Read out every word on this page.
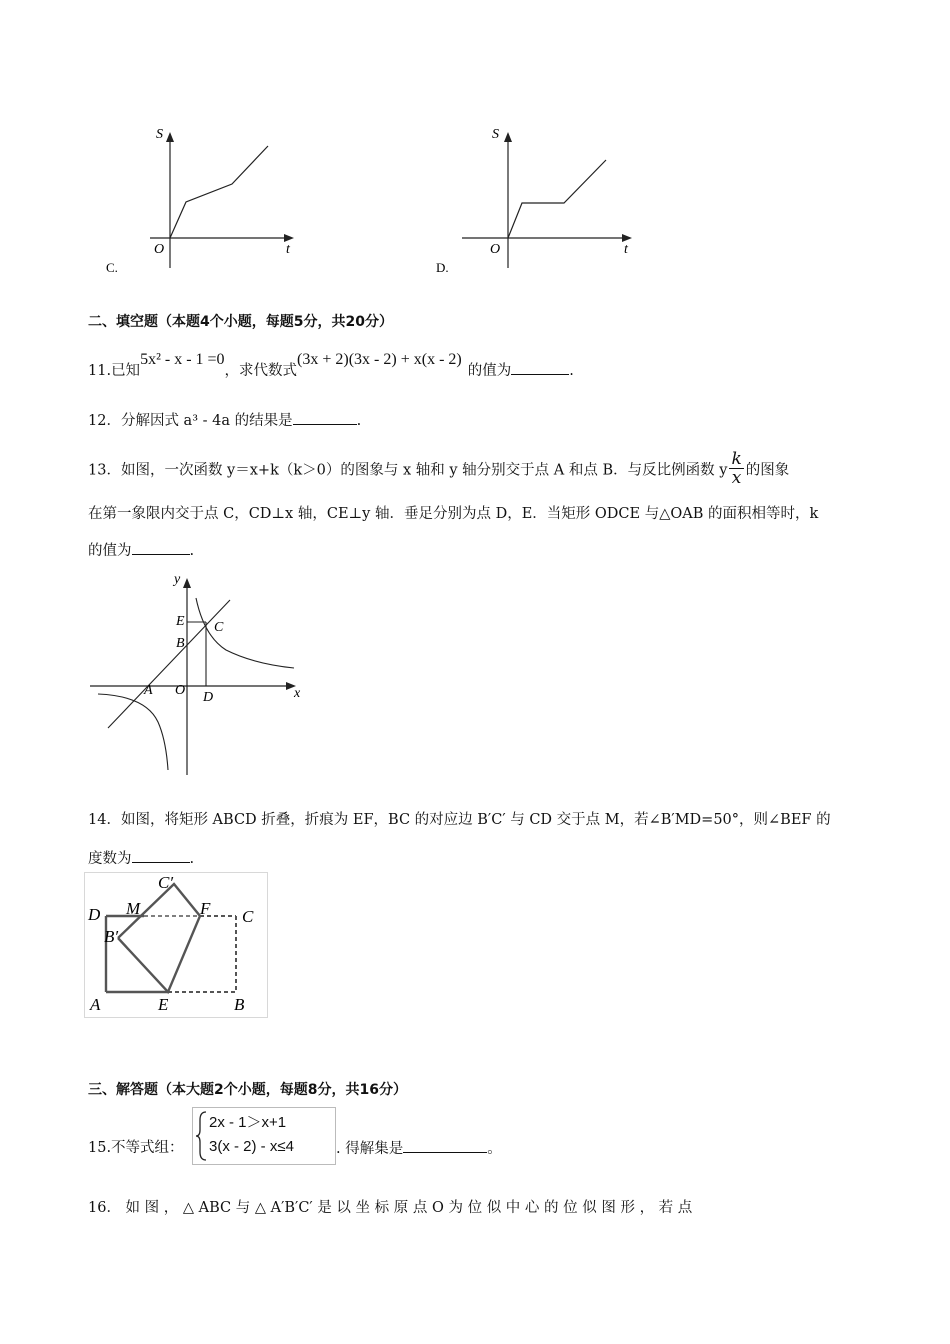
S
t
O
C.
S
t
O
D.
二、填空题（本题4个小题，每题5分，共20分）
11.已知5x² - x - 1 =0，求代数式(3x + 2)(3x - 2) + x(x - 2)的值为	.
12．分解因式 a³ - 4a 的结果是	.
13．如图，一次函数 y＝x+k（k＞0）的图象与 x 轴和 y 轴分别交于点 A 和点 B．与反比例函数 y $\frac{k}{x}$ 的图象
在第一象限内交于点 C，CD⊥x 轴，CE⊥y 轴．垂足分别为点 D，E．当矩形 ODCE 与△OAB 的面积相等时，k
的值为	.
y
x
E
B
C
A O D
14．如图，将矩形 ABCD 折叠，折痕为 EF，BC 的对应边 B′C′ 与 CD 交于点 M，若∠B′MD=50°，则∠BEF 的
度数为	.
C′
D M	F C
B′
A	E	B
三、解答题（本大题2个小题，每题8分，共16分）
15.不等式组：
2x - 1＞x+1
3(x - 2) - x≤4	. 得解集是	。
16． 如 图 ， △ ABC 与 △ A′B′C′ 是 以 坐 标 原 点 O 为 位 似 中 心 的 位 似 图 形 ， 若 点
